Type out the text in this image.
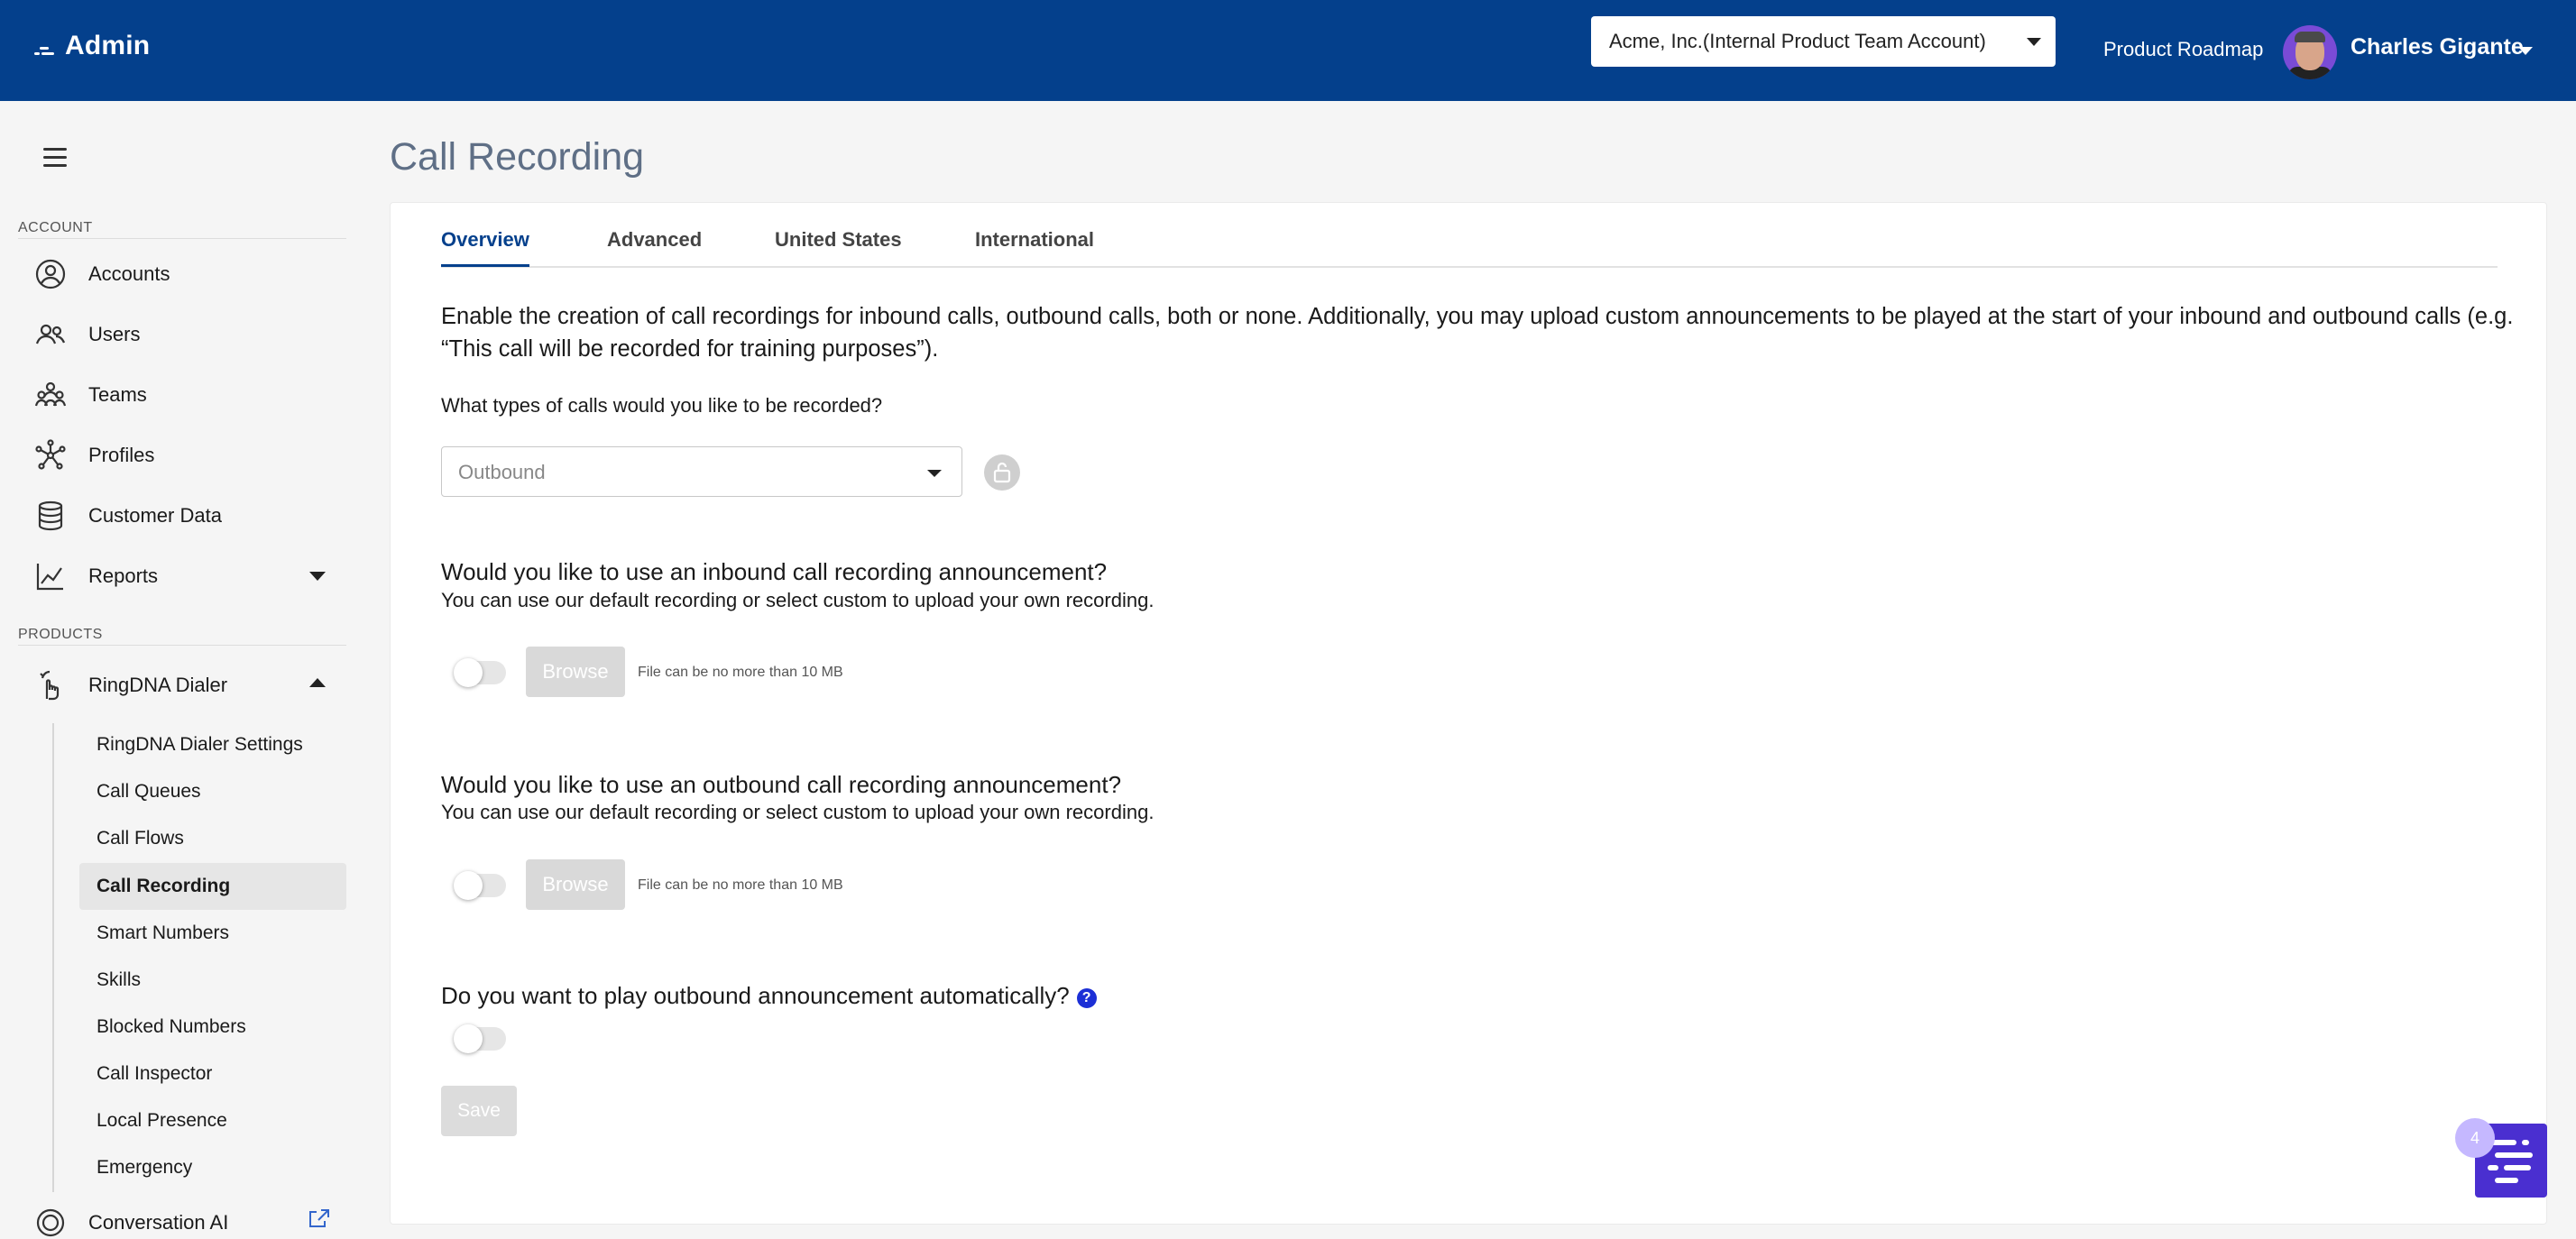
Admin	Acme, Inc.(Internal Product Team Account)	Product Roadmap	Charles Gigante
ACCOUNT
Accounts
Users
Teams
Profiles
Customer Data
Reports
PRODUCTS
RingDNA Dialer
RingDNA Dialer Settings
Call Queues
Call Flows
Call Recording
Smart Numbers
Skills
Blocked Numbers
Call Inspector
Local Presence
Emergency
Conversation AI
Call Recording
Overview	Advanced	United States	International
Enable the creation of call recordings for inbound calls, outbound calls, both or none. Additionally, you may upload custom announcements to be played at the start of your inbound and outbound calls (e.g.
“This call will be recorded for training purposes”).
What types of calls would you like to be recorded?
Outbound
Would you like to use an inbound call recording announcement?
You can use our default recording or select custom to upload your own recording.
Browse	File can be no more than 10 MB
Would you like to use an outbound call recording announcement?
You can use our default recording or select custom to upload your own recording.
Browse	File can be no more than 10 MB
Do you want to play outbound announcement automatically? ?
Save
4
